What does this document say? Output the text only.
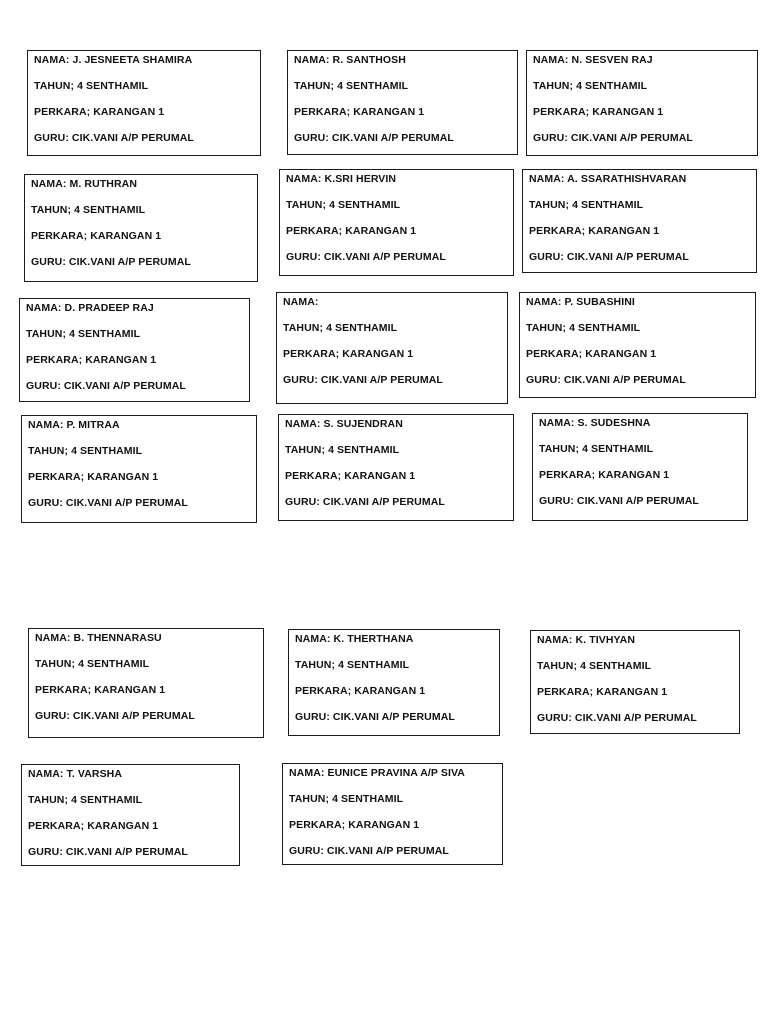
NAMA: J. JESNEETA SHAMIRA
TAHUN; 4 SENTHAMIL
PERKARA; KARANGAN 1
GURU: CIK.VANI A/P PERUMAL
NAMA: R. SANTHOSH
TAHUN; 4 SENTHAMIL
PERKARA; KARANGAN 1
GURU: CIK.VANI A/P PERUMAL
NAMA: N. SESVEN RAJ
TAHUN; 4 SENTHAMIL
PERKARA; KARANGAN 1
GURU: CIK.VANI A/P PERUMAL
NAMA: M. RUTHRAN
TAHUN; 4 SENTHAMIL
PERKARA; KARANGAN 1
GURU: CIK.VANI A/P PERUMAL
NAMA: K.SRI HERVIN
TAHUN; 4 SENTHAMIL
PERKARA; KARANGAN 1
GURU: CIK.VANI A/P PERUMAL
NAMA: A. SSARATHISHVARAN
TAHUN; 4 SENTHAMIL
PERKARA; KARANGAN 1
GURU: CIK.VANI A/P PERUMAL
NAMA: D. PRADEEP RAJ
TAHUN; 4 SENTHAMIL
PERKARA; KARANGAN 1
GURU: CIK.VANI A/P PERUMAL
NAMA:
TAHUN; 4 SENTHAMIL
PERKARA; KARANGAN 1
GURU: CIK.VANI A/P PERUMAL
NAMA: P. SUBASHINI
TAHUN; 4 SENTHAMIL
PERKARA; KARANGAN 1
GURU: CIK.VANI A/P PERUMAL
NAMA: P. MITRAA
TAHUN; 4 SENTHAMIL
PERKARA; KARANGAN 1
GURU: CIK.VANI A/P PERUMAL
NAMA: S. SUJENDRAN
TAHUN; 4 SENTHAMIL
PERKARA; KARANGAN 1
GURU: CIK.VANI A/P PERUMAL
NAMA: S. SUDESHNA
TAHUN; 4 SENTHAMIL
PERKARA; KARANGAN 1
GURU: CIK.VANI A/P PERUMAL
NAMA: B. THENNARASU
TAHUN; 4 SENTHAMIL
PERKARA; KARANGAN 1
GURU: CIK.VANI A/P PERUMAL
NAMA: K. THERTHANA
TAHUN; 4 SENTHAMIL
PERKARA; KARANGAN 1
GURU: CIK.VANI A/P PERUMAL
NAMA: K. TIVHYAN
TAHUN; 4 SENTHAMIL
PERKARA; KARANGAN 1
GURU: CIK.VANI A/P PERUMAL
NAMA: T. VARSHA
TAHUN; 4 SENTHAMIL
PERKARA; KARANGAN 1
GURU: CIK.VANI A/P PERUMAL
NAMA: EUNICE PRAVINA A/P SIVA
TAHUN; 4 SENTHAMIL
PERKARA; KARANGAN 1
GURU: CIK.VANI A/P PERUMAL
